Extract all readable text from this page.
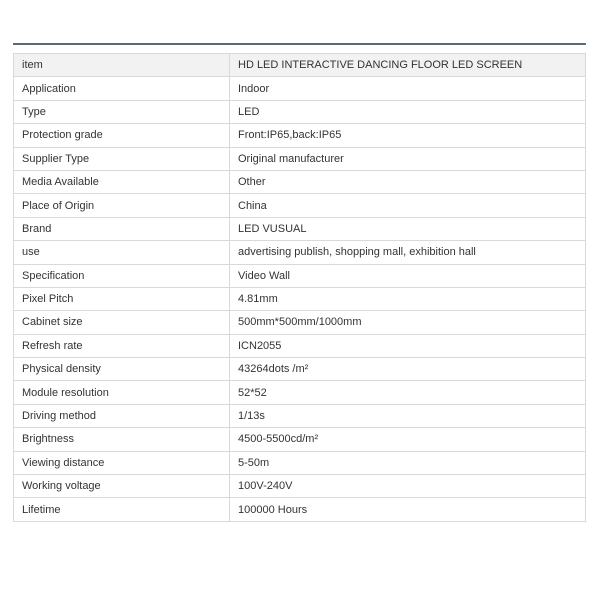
item	HD LED INTERACTIVE DANCING FLOOR LED SCREEN
Application	Indoor
Type	LED
Protection grade	Front:IP65,back:IP65
Supplier Type	Original manufacturer
Media Available	Other
Place of Origin	China
Brand	LED VUSUAL
use	advertising publish, shopping mall, exhibition hall
Specification	Video Wall
Pixel Pitch	4.81mm
Cabinet size	500mm*500mm/1000mm
Refresh rate	ICN2055
Physical density	43264dots /m²
Module resolution	52*52
Driving method	1/13s
Brightness	4500-5500cd/m²
Viewing distance	5-50m
Working voltage	100V-240V
Lifetime	100000 Hours
